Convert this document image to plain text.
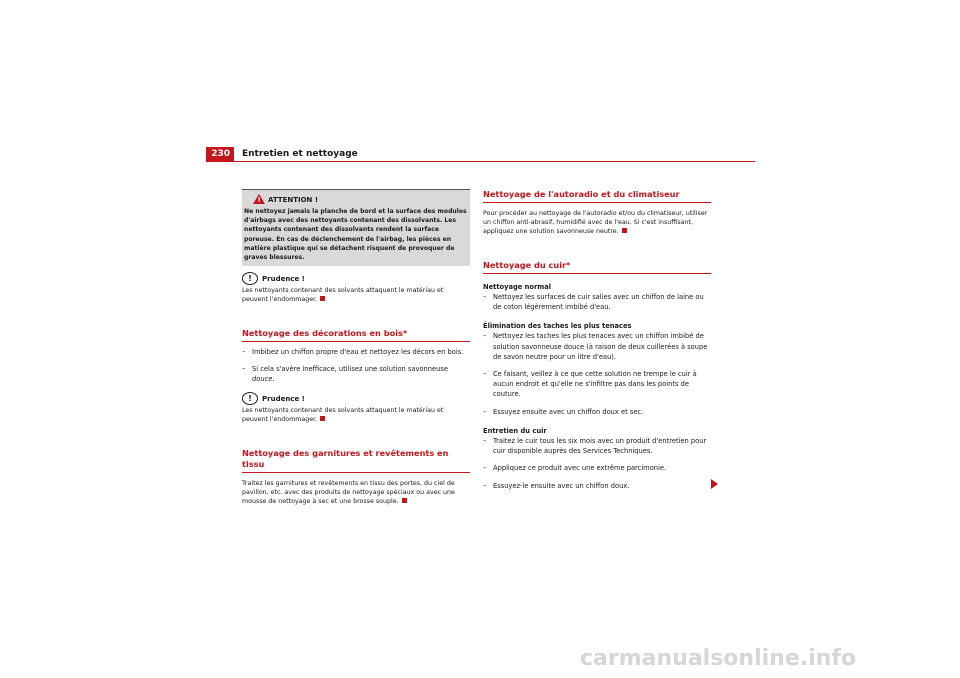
230	Entretien et nettoyage
!
ATTENTION !
Ne nettoyez jamais la planche de bord et la surface des modules d'airbags avec des nettoyants contenant des dissolvants. Les nettoyants contenant des dissolvants rendent la surface poreuse. En cas de déclenchement de l'airbag, les pièces en matière plastique qui se détachent risquent de provoquer de graves blessures.
!	Prudence !
Les nettoyants contenant des solvants attaquent le matériau et peuvent l'endommager.
Nettoyage des décorations en bois*
– Imbibez un chiffon propre d'eau et nettoyez les décors en bois.
– Si cela s'avère inefficace, utilisez une solution savonneuse douce.
!	Prudence !
Les nettoyants contenant des solvants attaquent le matériau et peuvent l'endommager.
Nettoyage des garnitures et revêtements en tissu
Traitez les garnitures et revêtements en tissu des portes, du ciel de pavillon, etc. avec des produits de nettoyage spéciaux ou avec une mousse de nettoyage à sec et une brosse souple.
Nettoyage de l'autoradio et du climatiseur
Pour procéder au nettoyage de l'autoradio et/ou du climatiseur, utiliser un chiffon anti-abrasif, humidifié avec de l'eau. Si c'est insuffisant, appliquez une solution savonneuse neutre.
Nettoyage du cuir*
Nettoyage normal
– Nettoyez les surfaces de cuir salies avec un chiffon de laine ou de coton légèrement imbibé d'eau.
Élimination des taches les plus tenaces
– Nettoyez les taches les plus tenaces avec un chiffon imbibé de solution savonneuse douce (à raison de deux cuillerées à soupe de savon neutre pour un litre d'eau).
– Ce faisant, veillez à ce que cette solution ne trempe le cuir à aucun endroit et qu'elle ne s'infiltre pas dans les points de couture.
– Essuyez ensuite avec un chiffon doux et sec.
Entretien du cuir
– Traitez le cuir tous les six mois avec un produit d'entretien pour cuir disponible auprès des Services Techniques.
– Appliquez ce produit avec une extrême parcimonie.
– Essuyez-le ensuite avec un chiffon doux.
carmanualsonline.info
